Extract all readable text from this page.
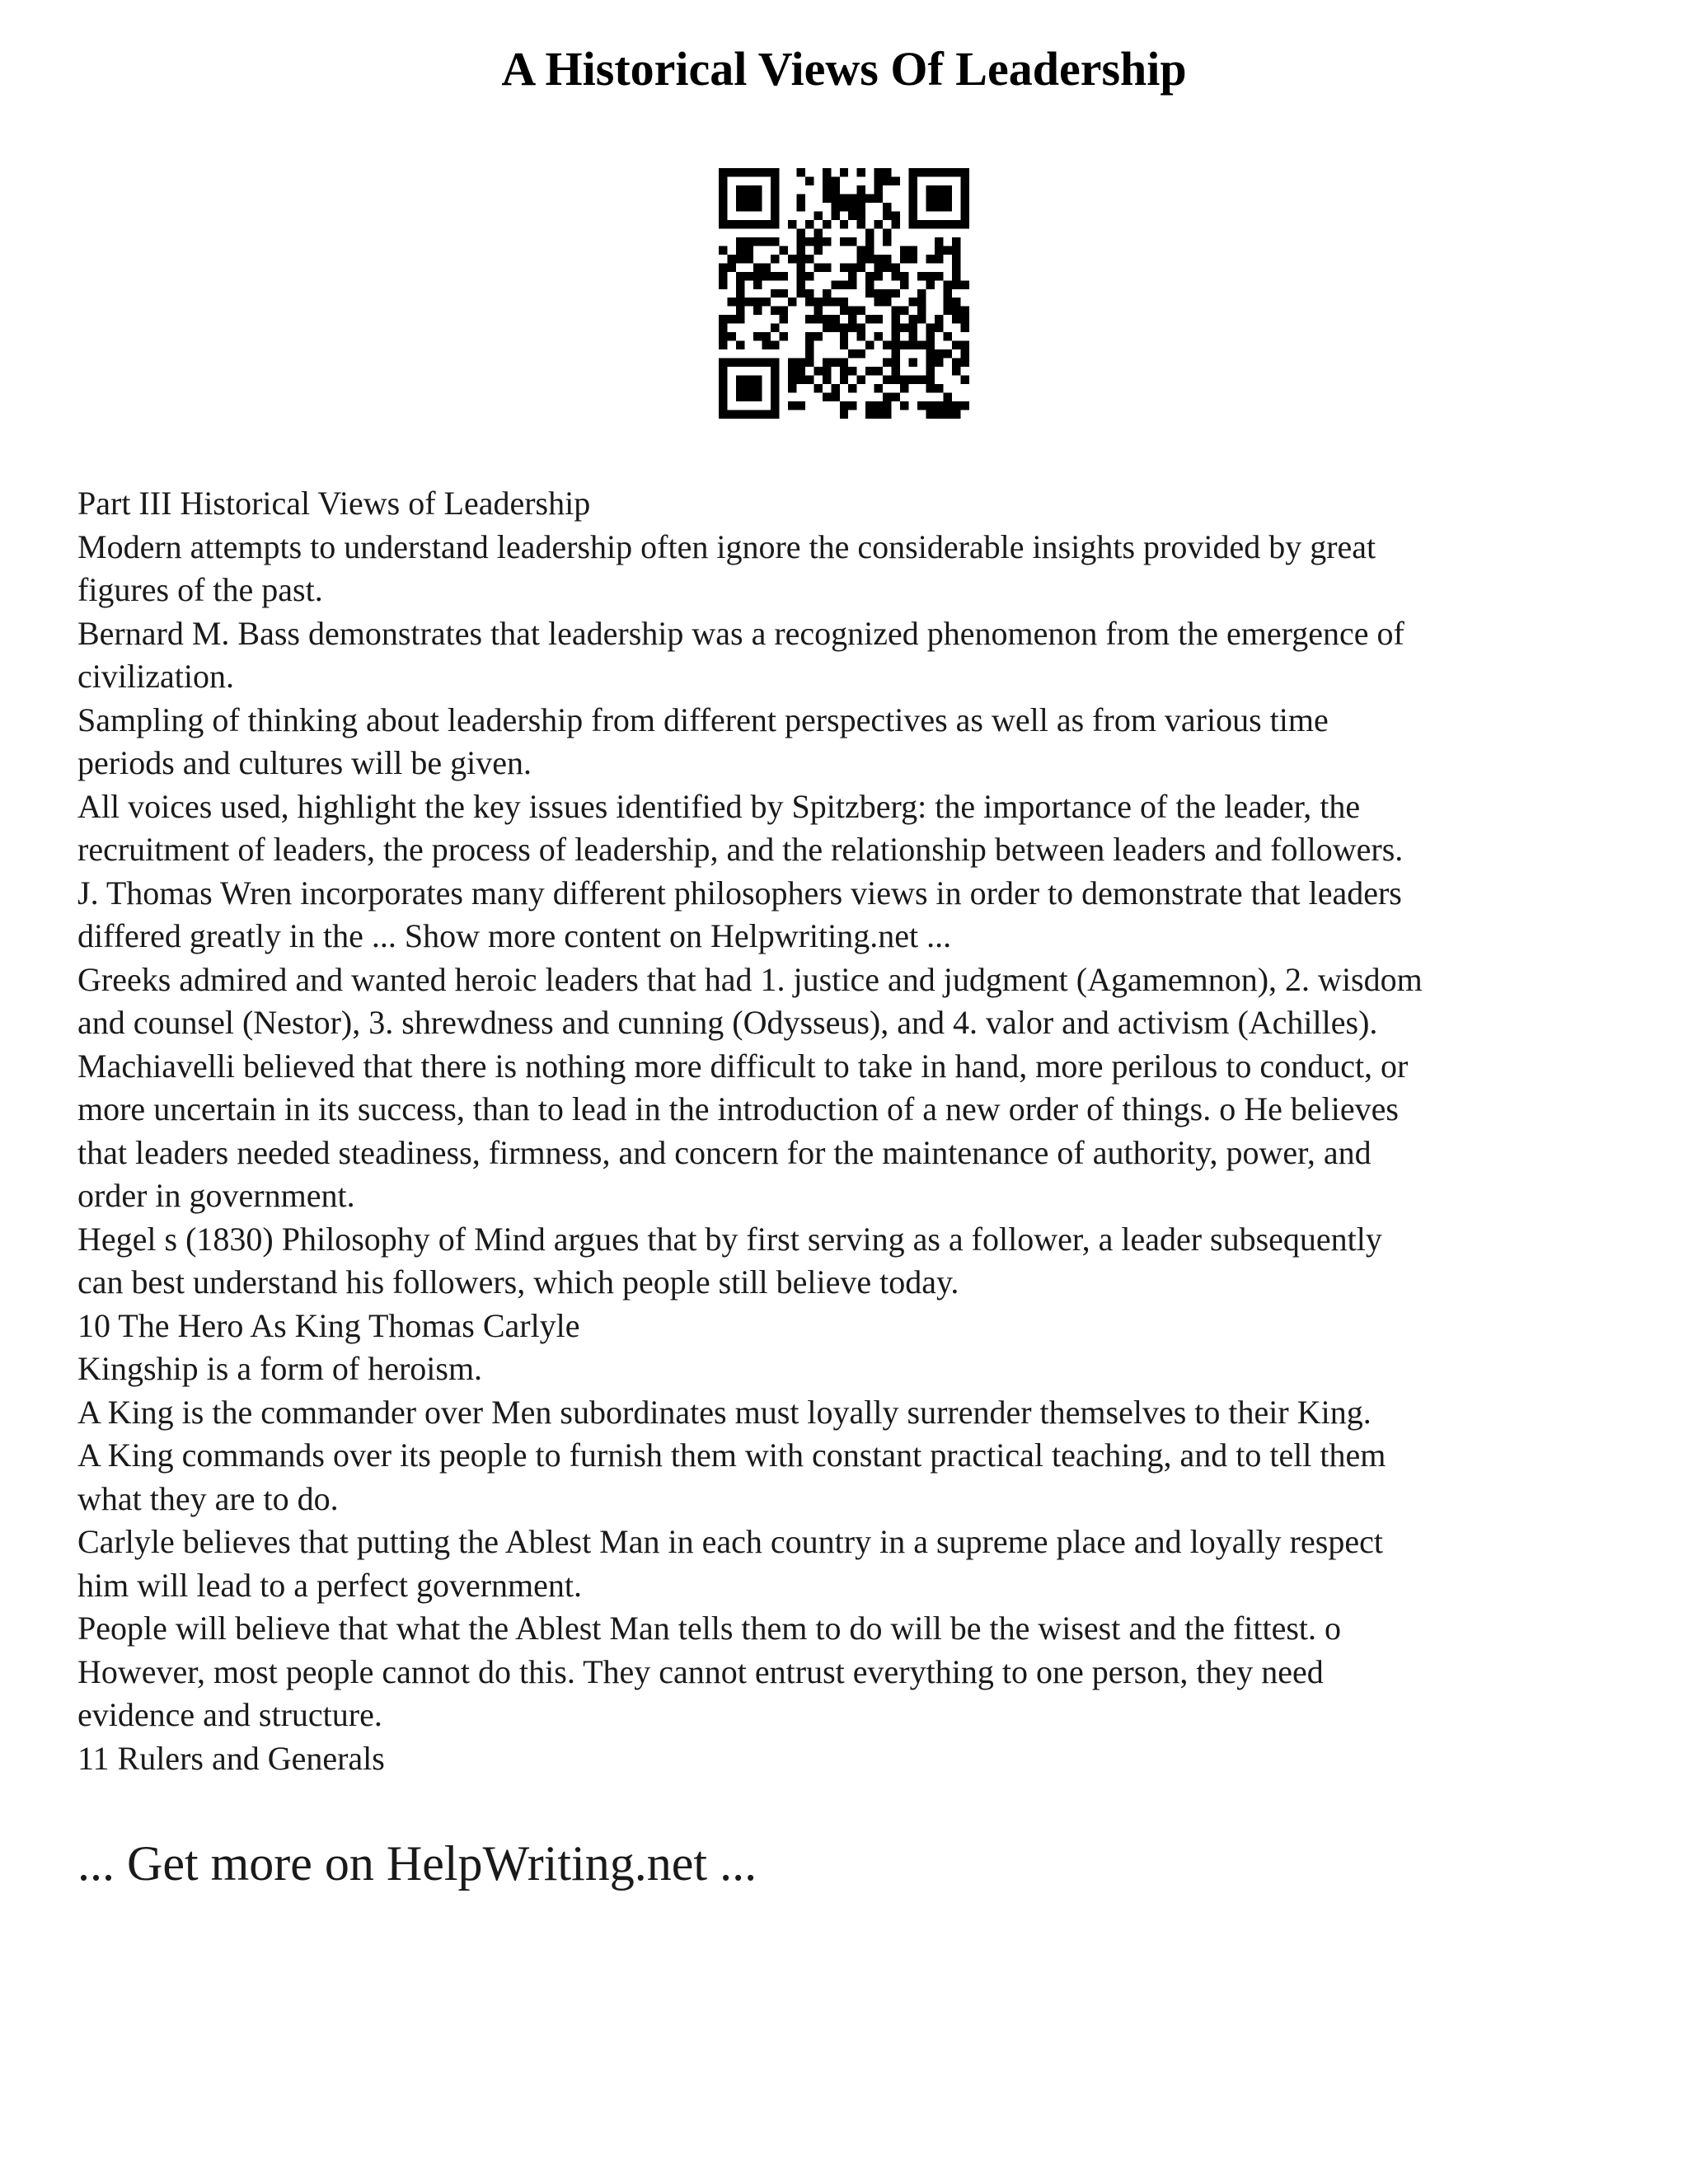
A Historical Views Of Leadership
Part III Historical Views of Leadership
Modern attempts to understand leadership often ignore the considerable insights provided by great
figures of the past.
Bernard M. Bass demonstrates that leadership was a recognized phenomenon from the emergence of
civilization.
Sampling of thinking about leadership from different perspectives as well as from various time
periods and cultures will be given.
All voices used, highlight the key issues identified by Spitzberg: the importance of the leader, the
recruitment of leaders, the process of leadership, and the relationship between leaders and followers.
J. Thomas Wren incorporates many different philosophers views in order to demonstrate that leaders
differed greatly in the ... Show more content on Helpwriting.net ...
Greeks admired and wanted heroic leaders that had 1. justice and judgment (Agamemnon), 2. wisdom
and counsel (Nestor), 3. shrewdness and cunning (Odysseus), and 4. valor and activism (Achilles).
Machiavelli believed that there is nothing more difficult to take in hand, more perilous to conduct, or
more uncertain in its success, than to lead in the introduction of a new order of things. o He believes
that leaders needed steadiness, firmness, and concern for the maintenance of authority, power, and
order in government.
Hegel s (1830) Philosophy of Mind argues that by first serving as a follower, a leader subsequently
can best understand his followers, which people still believe today.
10 The Hero As King Thomas Carlyle
Kingship is a form of heroism.
A King is the commander over Men subordinates must loyally surrender themselves to their King.
A King commands over its people to furnish them with constant practical teaching, and to tell them
what they are to do.
Carlyle believes that putting the Ablest Man in each country in a supreme place and loyally respect
him will lead to a perfect government.
People will believe that what the Ablest Man tells them to do will be the wisest and the fittest. o
However, most people cannot do this. They cannot entrust everything to one person, they need
evidence and structure.
11 Rulers and Generals
... Get more on HelpWriting.net ...
